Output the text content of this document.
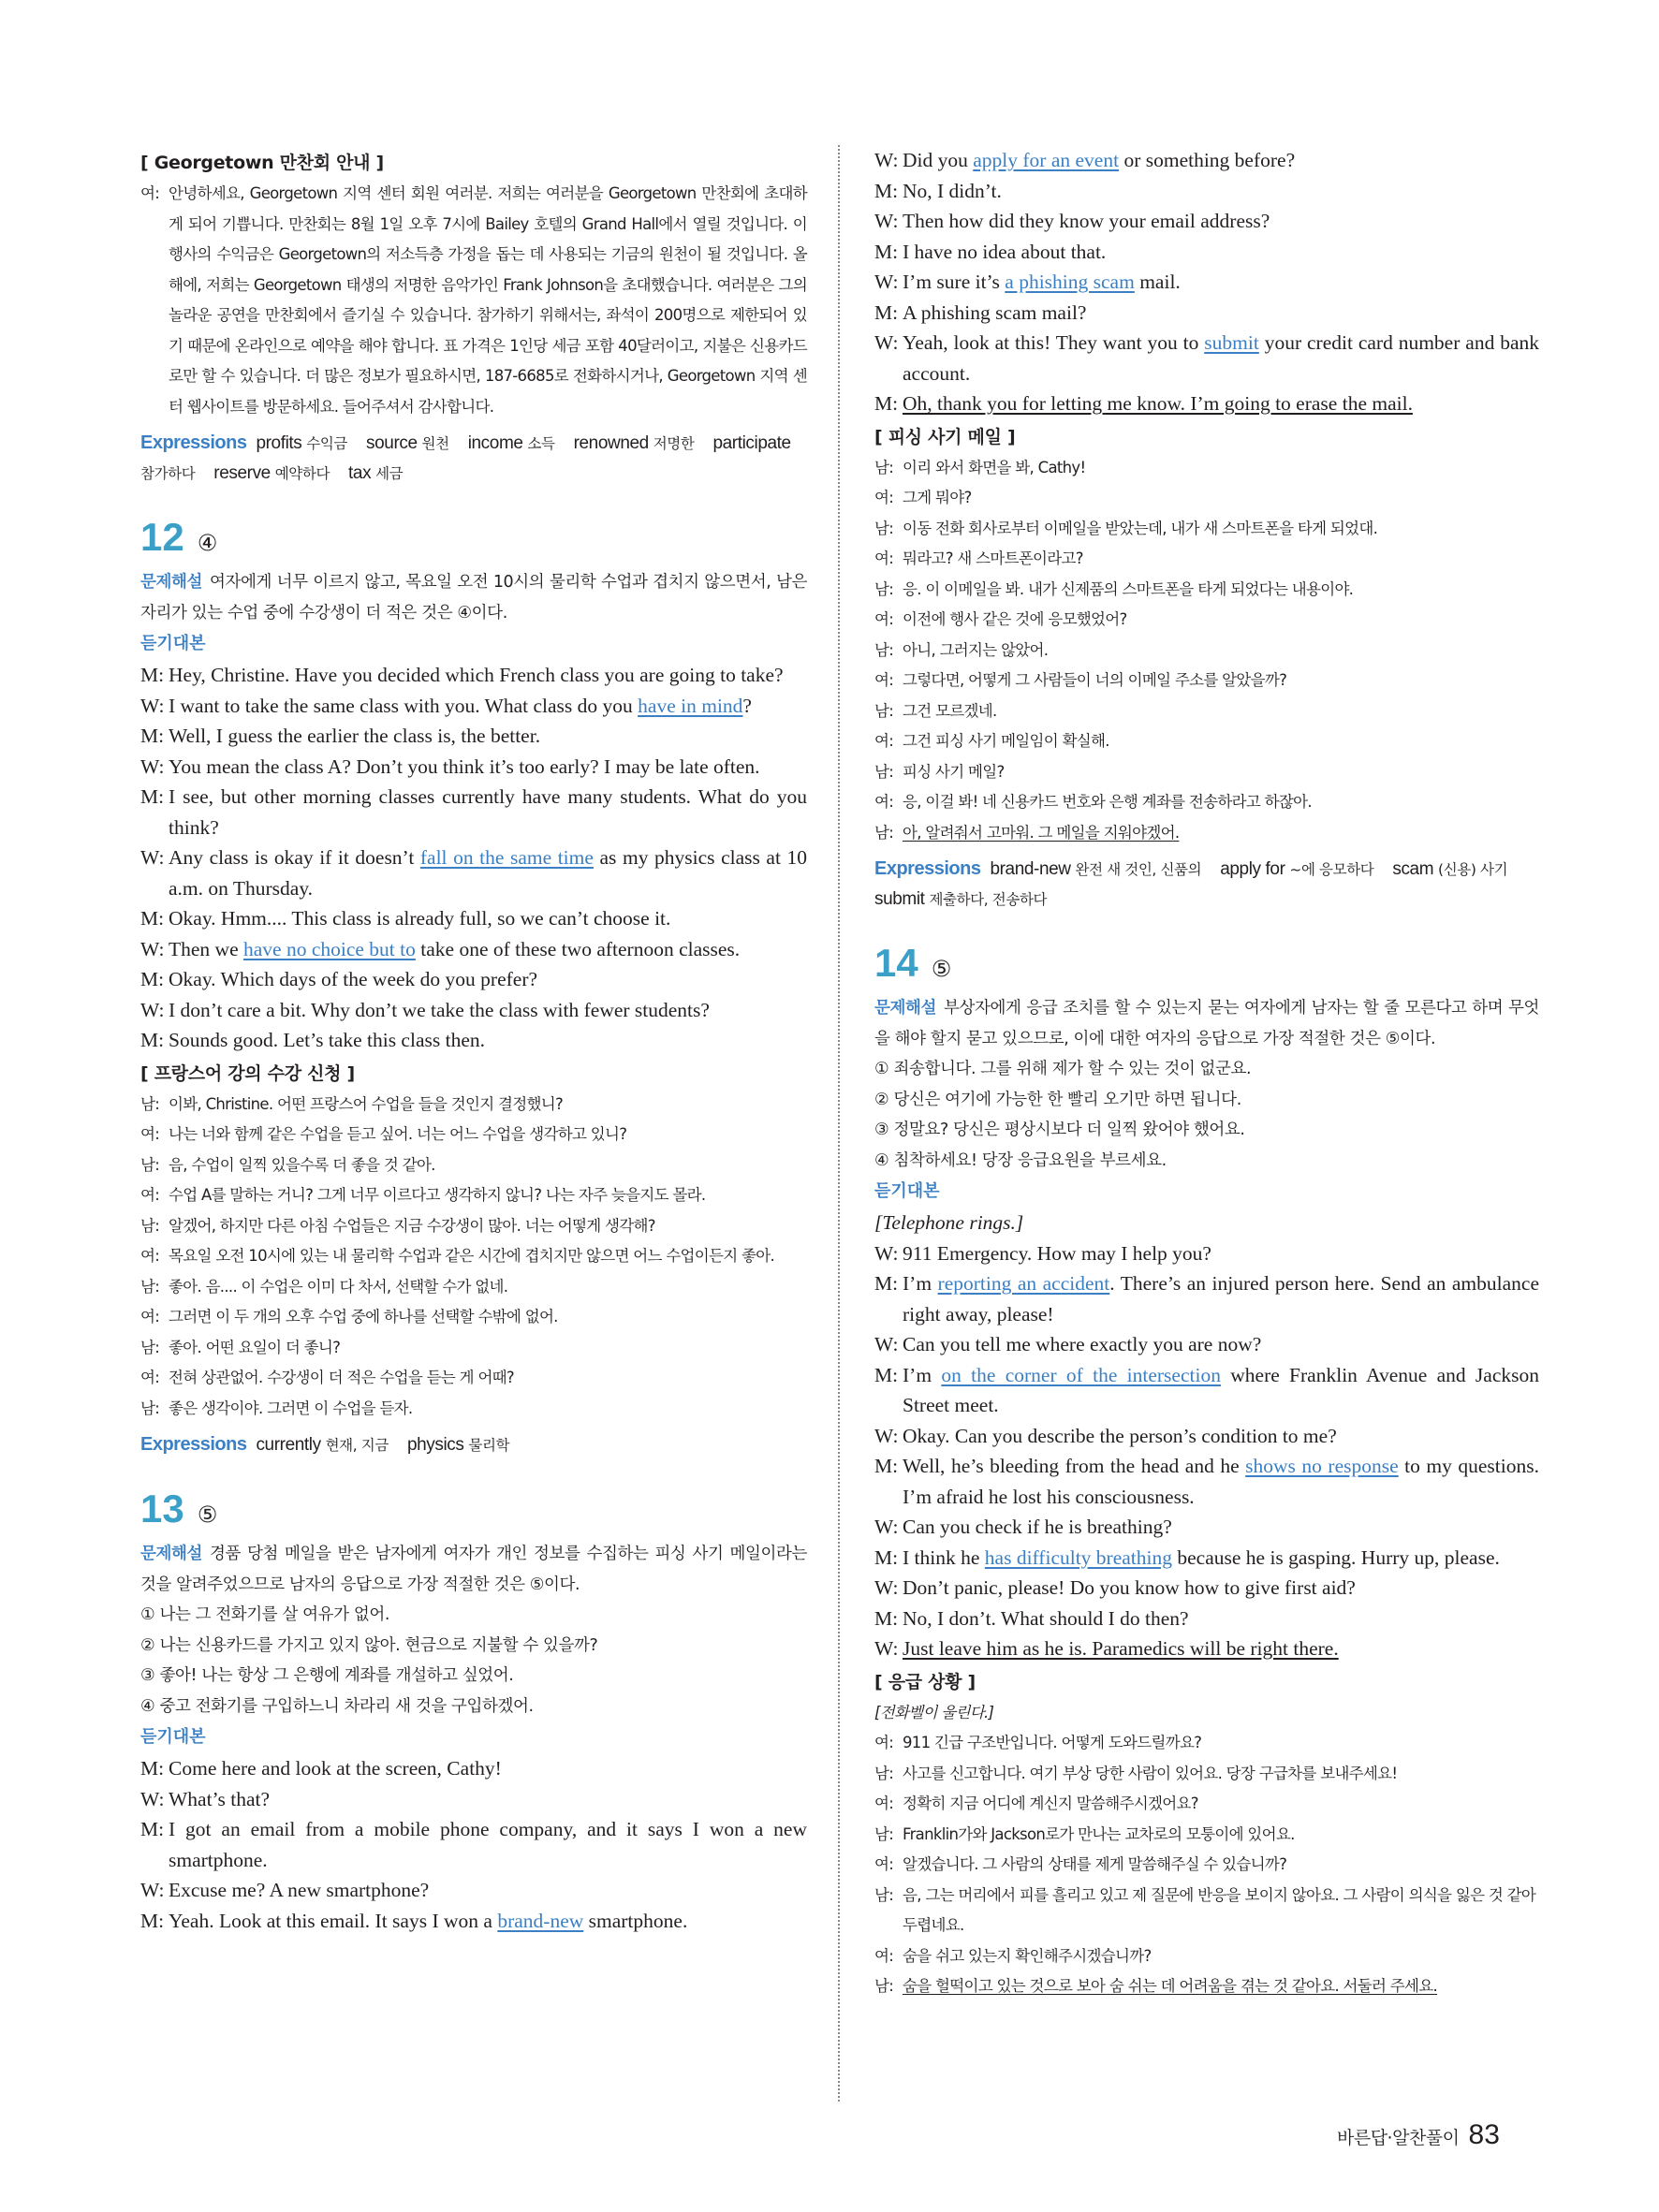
[ Georgetown 만찬회 안내 ]
여: 안녕하세요, Georgetown 지역 센터 회원 여러분. 저희는 여러분을 Georgetown 만찬회에 초대하게 되어 기쁩니다. 만찬회는 8월 1일 오후 7시에 Bailey 호텔의 Grand Hall에서 열릴 것입니다. 이 행사의 수익금은 Georgetown의 저소득층 가정을 돕는 데 사용되는 기금의 원천이 될 것입니다. 올해에, 저희는 Georgetown 태생의 저명한 음악가인 Frank Johnson을 초대했습니다. 여러분은 그의 놀라운 공연을 만찬회에서 즐기실 수 있습니다. 참가하기 위해서는, 좌석이 200명으로 제한되어 있기 때문에 온라인으로 예약을 해야 합니다. 표 가격은 1인당 세금 포함 40달러이고, 지불은 신용카드로만 할 수 있습니다. 더 많은 정보가 필요하시면, 187-6685로 전화하시거나, Georgetown 지역 센터 웹사이트를 방문하세요. 들어주셔서 감사합니다.
Expressions profits 수익금 source 원천 income 소득 renowned 저명한 participate 참가하다 reserve 예약하다 tax 세금
12 ④
문제해설 여자에게 너무 이르지 않고, 목요일 오전 10시의 물리학 수업과 겹치지 않으면서, 남은 자리가 있는 수업 중에 수강생이 더 적은 것은 ④이다.
듣기대본
M: Hey, Christine. Have you decided which French class you are going to take?
W: I want to take the same class with you. What class do you have in mind?
M: Well, I guess the earlier the class is, the better.
W: You mean the class A? Don’t you think it’s too early? I may be late often.
M: I see, but other morning classes currently have many students. What do you think?
W: Any class is okay if it doesn’t fall on the same time as my physics class at 10 a.m. on Thursday.
M: Okay. Hmm.... This class is already full, so we can’t choose it.
W: Then we have no choice but to take one of these two afternoon classes.
M: Okay. Which days of the week do you prefer?
W: I don’t care a bit. Why don’t we take the class with fewer students?
M: Sounds good. Let’s take this class then.
[ 프랑스어 강의 수강 신청 ]
남: 이봐, Christine. 어떤 프랑스어 수업을 들을 것인지 결정했니?
여: 나는 너와 함께 같은 수업을 듣고 싶어. 너는 어느 수업을 생각하고 있니?
남: 음, 수업이 일찍 있을수록 더 좋을 것 같아.
여: 수업 A를 말하는 거니? 그게 너무 이르다고 생각하지 않니? 나는 자주 늦을지도 몰라.
남: 알겠어, 하지만 다른 아침 수업들은 지금 수강생이 많아. 너는 어떻게 생각해?
여: 목요일 오전 10시에 있는 내 물리학 수업과 같은 시간에 겹치지만 않으면 어느 수업이든지 좋아.
남: 좋아. 음.... 이 수업은 이미 다 차서, 선택할 수가 없네.
여: 그러면 이 두 개의 오후 수업 중에 하나를 선택할 수밖에 없어.
남: 좋아. 어떤 요일이 더 좋니?
여: 전혀 상관없어. 수강생이 더 적은 수업을 듣는 게 어때?
남: 좋은 생각이야. 그러면 이 수업을 듣자.
Expressions currently 현재, 지금 physics 물리학
13 ⑤
문제해설 경품 당첨 메일을 받은 남자에게 여자가 개인 정보를 수집하는 피싱 사기 메일이라는 것을 알려주었으므로 남자의 응답으로 가장 적절한 것은 ⑤이다.
① 나는 그 전화기를 살 여유가 없어.
② 나는 신용카드를 가지고 있지 않아. 현금으로 지불할 수 있을까?
③ 좋아! 나는 항상 그 은행에 계좌를 개설하고 싶었어.
④ 중고 전화기를 구입하느니 차라리 새 것을 구입하겠어.
듣기대본
M: Come here and look at the screen, Cathy!
W: What’s that?
M: I got an email from a mobile phone company, and it says I won a new smartphone.
W: Excuse me? A new smartphone?
M: Yeah. Look at this email. It says I won a brand-new smartphone.
W: Did you apply for an event or something before?
M: No, I didn’t.
W: Then how did they know your email address?
M: I have no idea about that.
W: I’m sure it’s a phishing scam mail.
M: A phishing scam mail?
W: Yeah, look at this! They want you to submit your credit card number and bank account.
M: Oh, thank you for letting me know. I’m going to erase the mail.
[ 피싱 사기 메일 ]
남: 이리 와서 화면을 봐, Cathy!
여: 그게 뭐야?
남: 이동 전화 회사로부터 이메일을 받았는데, 내가 새 스마트폰을 타게 되었대.
여: 뭐라고? 새 스마트폰이라고?
남: 응. 이 이메일을 봐. 내가 신제품의 스마트폰을 타게 되었다는 내용이야.
여: 이전에 행사 같은 것에 응모했었어?
남: 아니, 그러지는 않았어.
여: 그렇다면, 어떻게 그 사람들이 너의 이메일 주소를 알았을까?
남: 그건 모르겠네.
여: 그건 피싱 사기 메일임이 확실해.
남: 피싱 사기 메일?
여: 응, 이걸 봐! 네 신용카드 번호와 은행 계좌를 전송하라고 하잖아.
남: 아, 알려줘서 고마워. 그 메일을 지워야겠어.
Expressions brand-new 완전 새 것인, 신품의 apply for ~에 응모하다 scam (신용) 사기submit 제출하다, 전송하다
14 ⑤
문제해설 부상자에게 응급 조치를 할 수 있는지 묻는 여자에게 남자는 할 줄 모른다고 하며 무엇을 해야 할지 묻고 있으므로, 이에 대한 여자의 응답으로 가장 적절한 것은 ⑤이다.
① 죄송합니다. 그를 위해 제가 할 수 있는 것이 없군요.
② 당신은 여기에 가능한 한 빨리 오기만 하면 됩니다.
③ 정말요? 당신은 평상시보다 더 일찍 왔어야 했어요.
④ 침착하세요! 당장 응급요원을 부르세요.
듣기대본
[Telephone rings.]
W: 911 Emergency. How may I help you?
M: I’m reporting an accident. There’s an injured person here. Send an ambulance right away, please!
W: Can you tell me where exactly you are now?
M: I’m on the corner of the intersection where Franklin Avenue and Jackson Street meet.
W: Okay. Can you describe the person’s condition to me?
M: Well, he’s bleeding from the head and he shows no response to my questions. I’m afraid he lost his consciousness.
W: Can you check if he is breathing?
M: I think he has difficulty breathing because he is gasping. Hurry up, please.
W: Don’t panic, please! Do you know how to give first aid?
M: No, I don’t. What should I do then?
W: Just leave him as he is. Paramedics will be right there.
[ 응급 상황 ]
[전화벨이 울린다.]
여: 911 긴급 구조반입니다. 어떻게 도와드릴까요?
남: 사고를 신고합니다. 여기 부상 당한 사람이 있어요. 당장 구급차를 보내주세요!
여: 정확히 지금 어디에 계신지 말씀해주시겠어요?
남: Franklin가와 Jackson로가 만나는 교차로의 모퉁이에 있어요.
여: 알겠습니다. 그 사람의 상태를 제게 말씀해주실 수 있습니까?
남: 음, 그는 머리에서 피를 흘리고 있고 제 질문에 반응을 보이지 않아요. 그 사람이 의식을 잃은 것 같아 두렵네요.
여: 숨을 쉬고 있는지 확인해주시겠습니까?
남: 숨을 헐떡이고 있는 것으로 보아 숨 쉬는 데 어려움을 겪는 것 같아요. 서둘러 주세요.
바른답·알찬풀이 83
